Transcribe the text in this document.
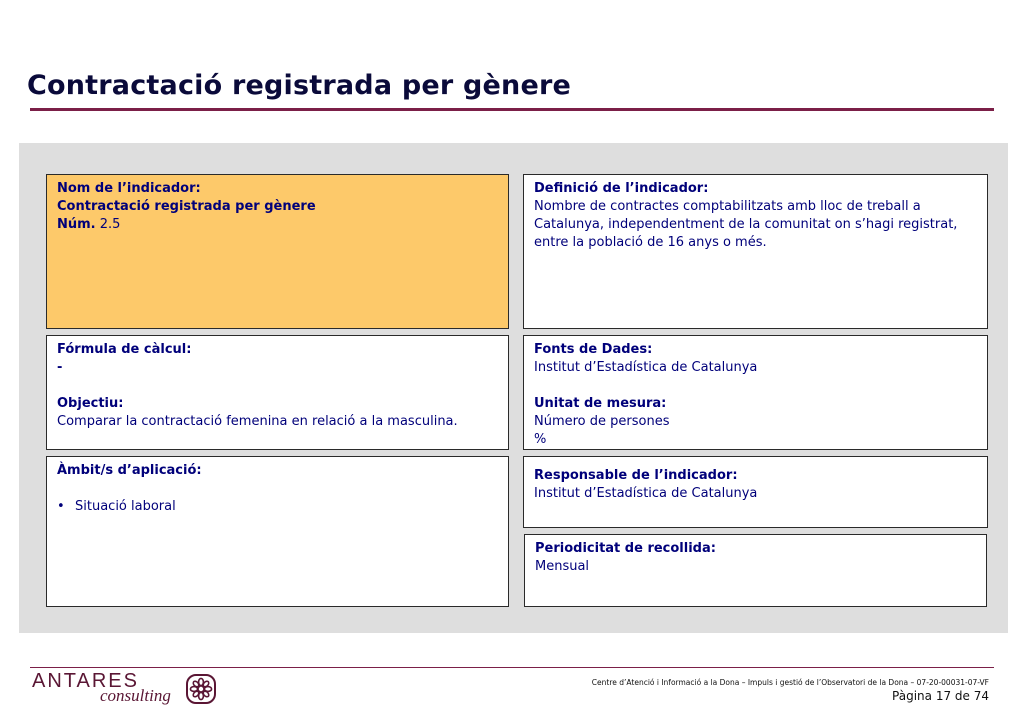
Contractació registrada per gènere
Nom de l’indicador:
Contractació registrada per gènere
Núm. 2.5
Definició de l’indicador:
Nombre de contractes comptabilitzats amb lloc de treball a Catalunya, independentment de la comunitat on s’hagi registrat, entre la població de 16 anys o més.
Fórmula de càlcul:
-
Objectiu:
Comparar la contractació femenina en relació a la masculina.
Fonts de Dades:
Institut d’Estadística de Catalunya
Unitat de mesura:
Número de persones
%
Àmbit/s d’aplicació:
• Situació laboral
Responsable de l’indicador:
Institut d’Estadística de Catalunya
Periodicitat de recollida:
Mensual
ANTARES
consulting
Centre d’Atenció i Informació a la Dona – Impuls i gestió de l’Observatori de la Dona – 07-20-00031-07-VF
Pàgina 17 de 74
